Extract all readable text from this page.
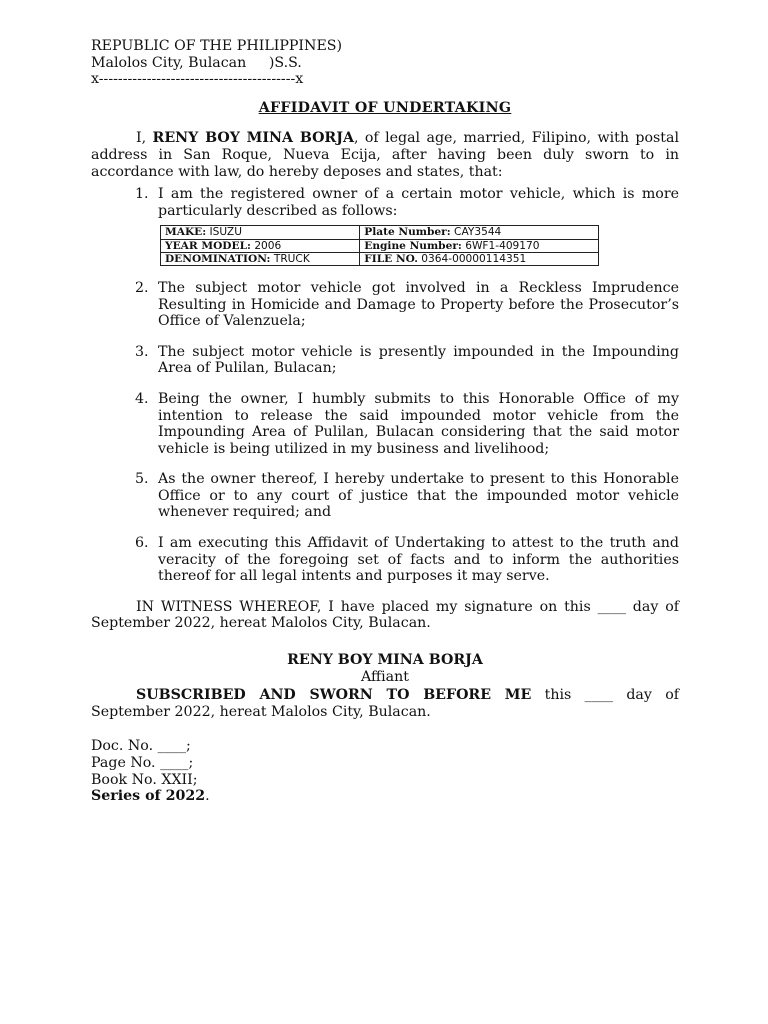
REPUBLIC OF THE PHILIPPINES)
Malolos City, Bulacan     )S.S.
x-----------------------------------------x
AFFIDAVIT OF UNDERTAKING
I, RENY BOY MINA BORJA, of legal age, married, Filipino, with postal address in San Roque, Nueva Ecija, after having been duly sworn to in accordance with law, do hereby deposes and states, that:
1. I am the registered owner of a certain motor vehicle, which is more particularly described as follows:
MAKE: ISUZU	Plate Number: CAY3544
YEAR MODEL: 2006	Engine Number: 6WF1-409170
DENOMINATION: TRUCK	FILE NO. 0364-00000114351
2. The subject motor vehicle got involved in a Reckless Imprudence Resulting in Homicide and Damage to Property before the Prosecutor’s Office of Valenzuela;
3. The subject motor vehicle is presently impounded in the Impounding Area of Pulilan, Bulacan;
4. Being the owner, I humbly submits to this Honorable Office of my intention to release the said impounded motor vehicle from the Impounding Area of Pulilan, Bulacan considering that the said motor vehicle is being utilized in my business and livelihood;
5. As the owner thereof, I hereby undertake to present to this Honorable Office or to any court of justice that the impounded motor vehicle whenever required; and
6. I am executing this Affidavit of Undertaking to attest to the truth and veracity of the foregoing set of facts and to inform the authorities thereof for all legal intents and purposes it may serve.
IN WITNESS WHEREOF, I have placed my signature on this ____ day of September 2022, hereat Malolos City, Bulacan.
RENY BOY MINA BORJA
Affiant
SUBSCRIBED AND SWORN TO BEFORE ME this ____ day of September 2022, hereat Malolos City, Bulacan.
Doc. No. ____;
Page No. ____;
Book No. XXII;
Series of 2022.
